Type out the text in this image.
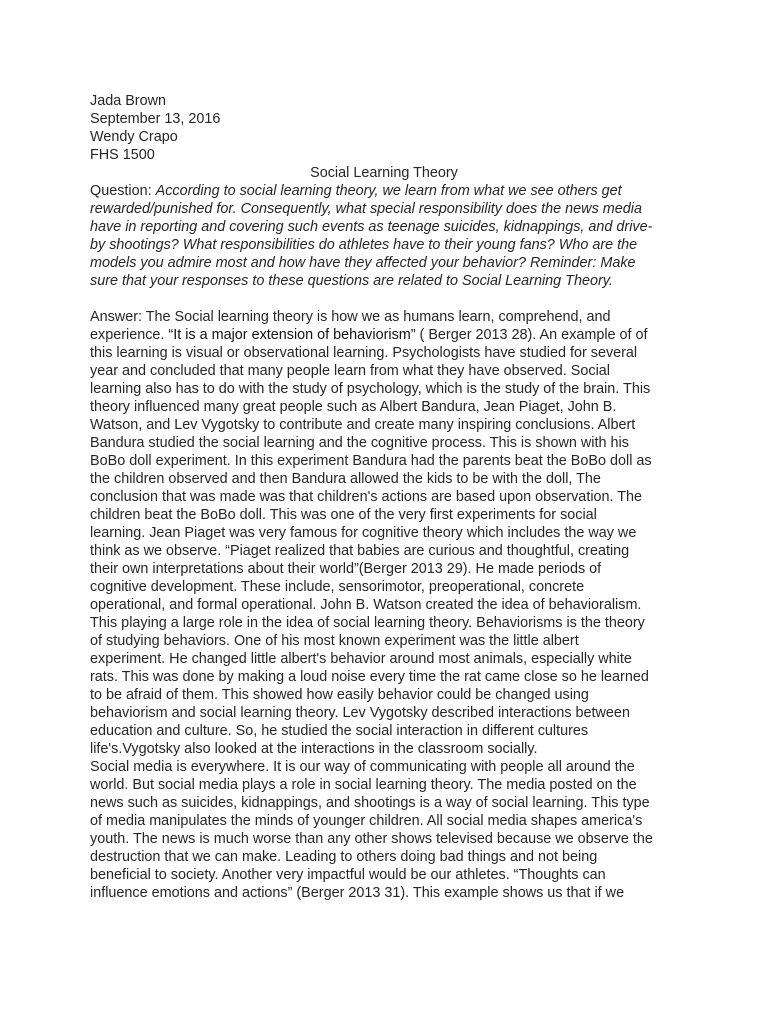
Jada Brown
September 13, 2016
Wendy Crapo
FHS 1500
Social Learning Theory
Question: According to social learning theory, we learn from what we see others get rewarded/punished for. Consequently, what special responsibility does the news media have in reporting and covering such events as teenage suicides, kidnappings, and drive-by shootings? What responsibilities do athletes have to their young fans? Who are the models you admire most and how have they affected your behavior? Reminder: Make sure that your responses to these questions are related to Social Learning Theory.
Answer: The Social learning theory is how we as humans learn, comprehend, and experience. “It is a major extension of behaviorism” ( Berger 2013 28). An example of of this learning is visual or observational learning. Psychologists have studied for several year and concluded that many people learn from what they have observed. Social learning also has to do with the study of psychology, which is the study of the brain. This theory influenced many great people such as Albert Bandura, Jean Piaget, John B. Watson, and Lev Vygotsky to contribute and create many inspiring conclusions. Albert Bandura studied the social learning and the cognitive process. This is shown with his BoBo doll experiment. In this experiment Bandura had the parents beat the BoBo doll as the children observed and then Bandura allowed the kids to be with the doll, The conclusion that was made was that children's actions are based upon observation. The children beat the BoBo doll. This was one of the very first experiments for social learning. Jean Piaget was very famous for cognitive theory which includes the way we think as we observe. “Piaget realized that babies are curious and thoughtful, creating their own interpretations about their world”(Berger 2013 29). He made periods of cognitive development. These include, sensorimotor, preoperational, concrete operational, and formal operational. John B. Watson created the idea of behavioralism. This playing a large role in the idea of social learning theory. Behaviorisms is the theory of studying behaviors. One of his most known experiment was the little albert experiment. He changed little albert's behavior around most animals, especially white rats. This was done by making a loud noise every time the rat came close so he learned to be afraid of them. This showed how easily behavior could be changed using behaviorism and social learning theory. Lev Vygotsky described interactions between education and culture. So, he studied the social interaction in different cultures life's.Vygotsky also looked at the interactions in the classroom socially.
Social media is everywhere. It is our way of communicating with people all around the world. But social media plays a role in social learning theory. The media posted on the news such as suicides, kidnappings, and shootings is a way of social learning. This type of media manipulates the minds of younger children. All social media shapes america's youth. The news is much worse than any other shows televised because we observe the destruction that we can make. Leading to others doing bad things and not being beneficial to society. Another very impactful would be our athletes. “Thoughts can influence emotions and actions” (Berger 2013 31). This example shows us that if we
